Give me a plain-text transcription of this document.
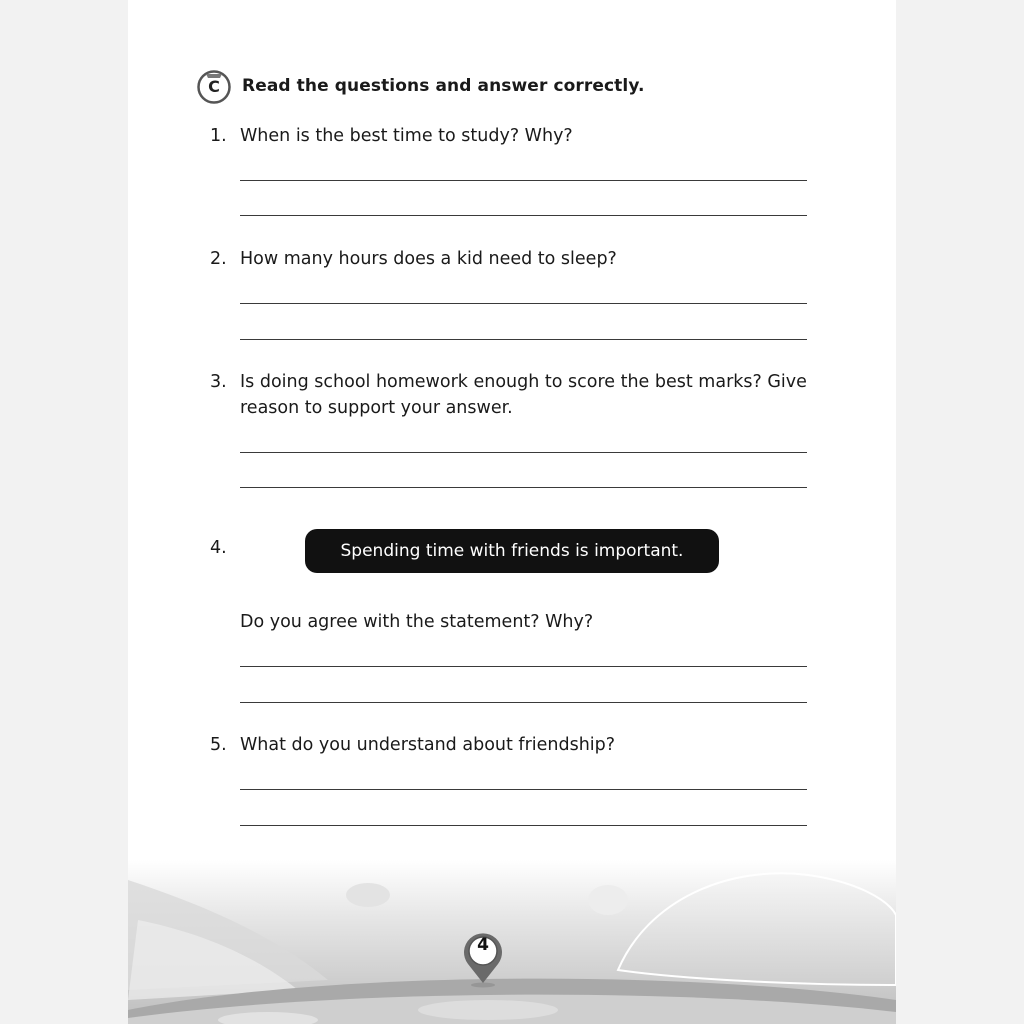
C	Read the questions and answer correctly.
1. When is the best time to study? Why?
2. How many hours does a kid need to sleep?
3. Is doing school homework enough to score the best marks? Give reason to support your answer.
4.	Spending time with friends is important.
Do you agree with the statement? Why?
5. What do you understand about friendship?
4
